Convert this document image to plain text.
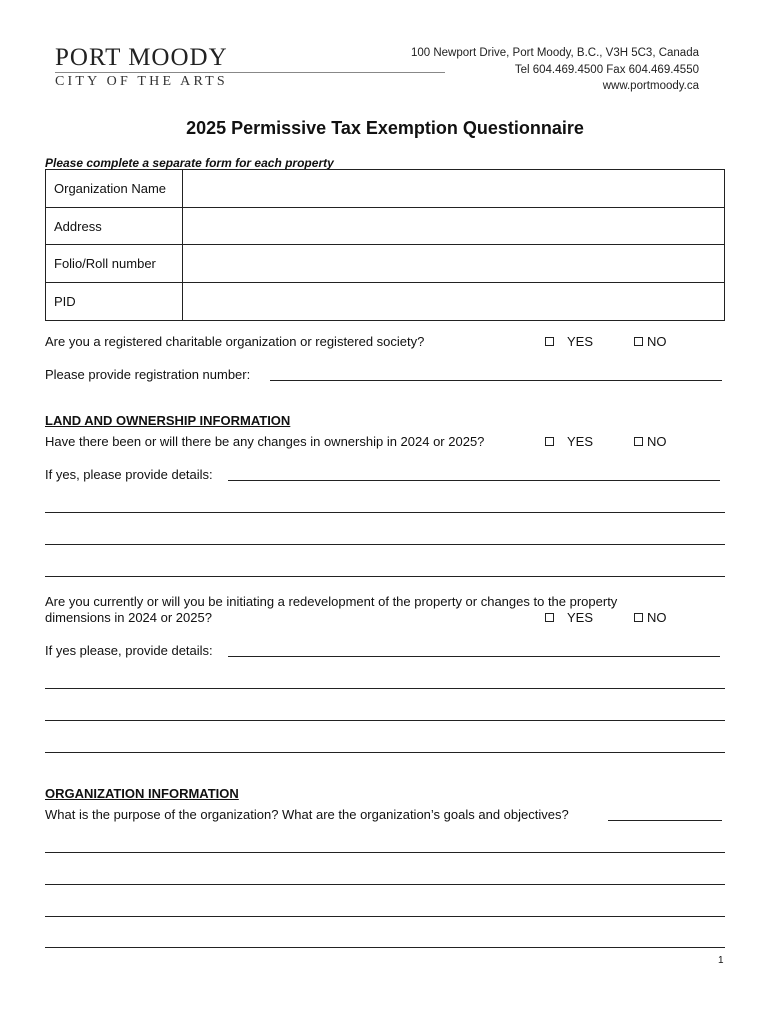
PORT MOODY
CITY OF THE ARTS
100 Newport Drive, Port Moody, B.C., V3H 5C3, Canada
Tel 604.469.4500 Fax 604.469.4550
www.portmoody.ca
2025 Permissive Tax Exemption Questionnaire
Please complete a separate form for each property
Organization Name
Address
Folio/Roll number
PID
Are you a registered charitable organization or registered society?	YES	NO
Please provide registration number:
LAND AND OWNERSHIP INFORMATION
Have there been or will there be any changes in ownership in 2024 or 2025?	YES	NO
If yes, please provide details:
Are you currently or will you be initiating a redevelopment of the property or changes to the property
dimensions in 2024 or 2025?	YES	NO
If yes please, provide details:
ORGANIZATION INFORMATION
What is the purpose of the organization? What are the organization’s goals and objectives?
1
